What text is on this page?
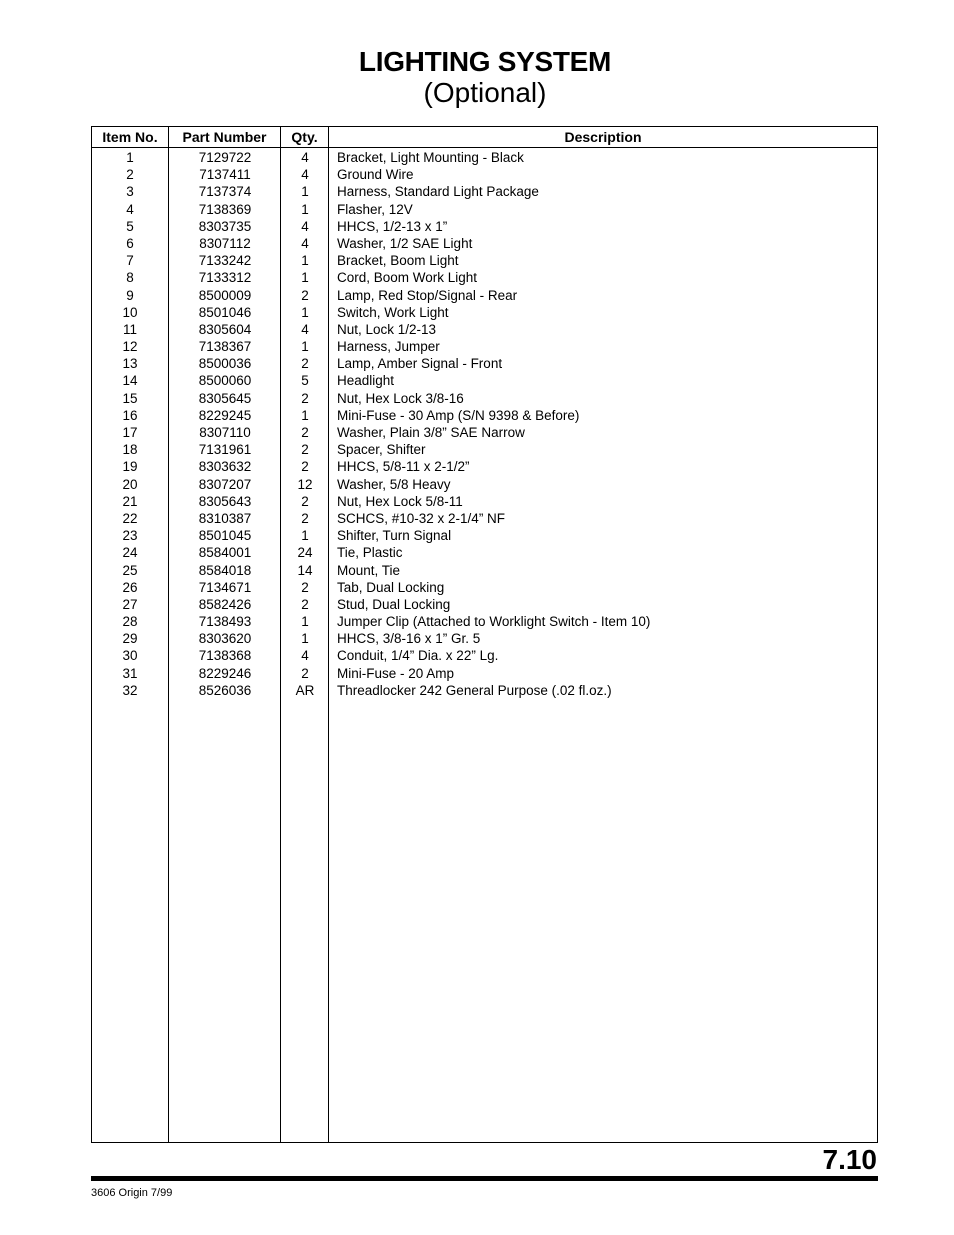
LIGHTING SYSTEM
(Optional)
Item No.	Part Number	Qty.	Description
1	7129722	4	Bracket, Light Mounting - Black
2	7137411	4	Ground Wire
3	7137374	1	Harness, Standard Light Package
4	7138369	1	Flasher, 12V
5	8303735	4	HHCS, 1/2-13 x 1”
6	8307112	4	Washer, 1/2 SAE Light
7	7133242	1	Bracket, Boom Light
8	7133312	1	Cord, Boom Work Light
9	8500009	2	Lamp, Red Stop/Signal - Rear
10	8501046	1	Switch, Work Light
11	8305604	4	Nut, Lock 1/2-13
12	7138367	1	Harness, Jumper
13	8500036	2	Lamp, Amber Signal - Front
14	8500060	5	Headlight
15	8305645	2	Nut, Hex Lock 3/8-16
16	8229245	1	Mini-Fuse - 30 Amp (S/N 9398 & Before)
17	8307110	2	Washer, Plain 3/8” SAE Narrow
18	7131961	2	Spacer, Shifter
19	8303632	2	HHCS, 5/8-11 x 2-1/2”
20	8307207	12	Washer, 5/8 Heavy
21	8305643	2	Nut, Hex Lock 5/8-11
22	8310387	2	SCHCS, #10-32 x 2-1/4” NF
23	8501045	1	Shifter, Turn Signal
24	8584001	24	Tie, Plastic
25	8584018	14	Mount, Tie
26	7134671	2	Tab, Dual Locking
27	8582426	2	Stud, Dual Locking
28	7138493	1	Jumper Clip (Attached to Worklight Switch - Item 10)
29	8303620	1	HHCS, 3/8-16 x 1” Gr. 5
30	7138368	4	Conduit, 1/4” Dia. x 22” Lg.
31	8229246	2	Mini-Fuse - 20 Amp
32	8526036	AR	Threadlocker 242 General Purpose (.02 fl.oz.)
7.10
3606 Origin 7/99
